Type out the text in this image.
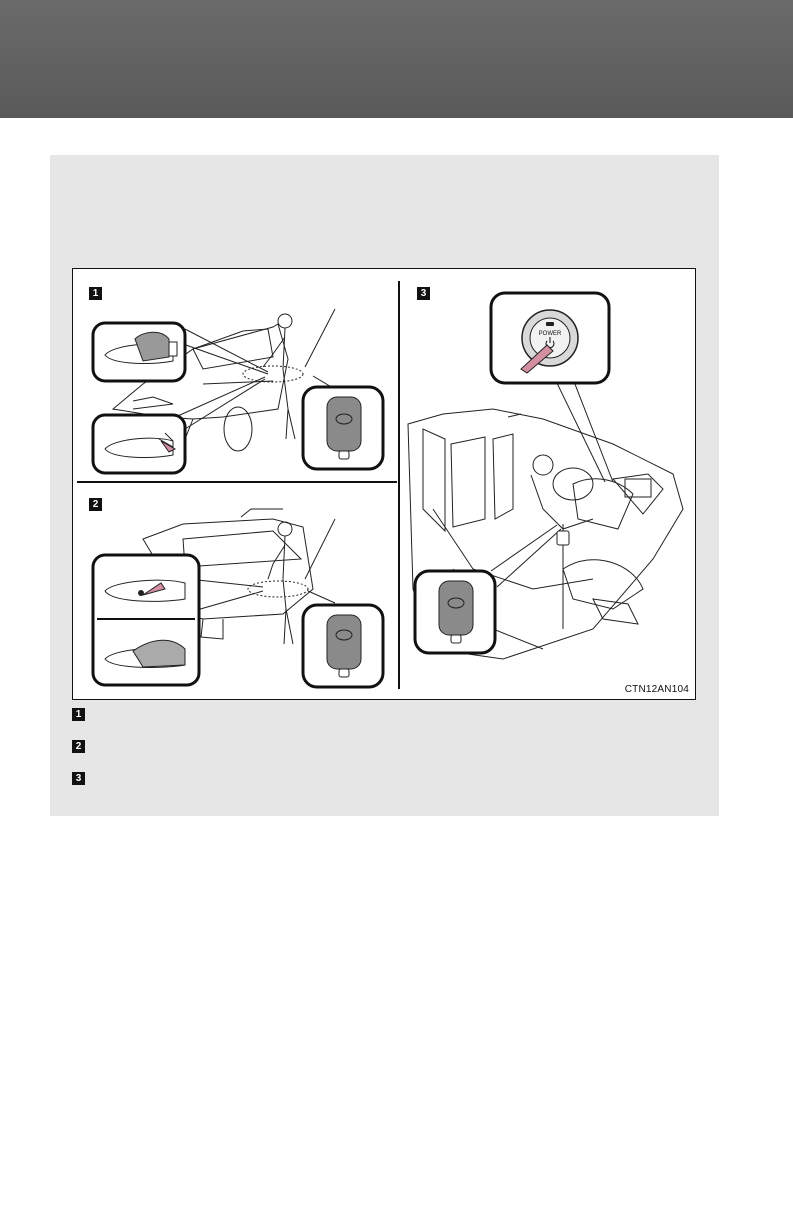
POWER
1
2
3
CTN12AN104
1
2
3
